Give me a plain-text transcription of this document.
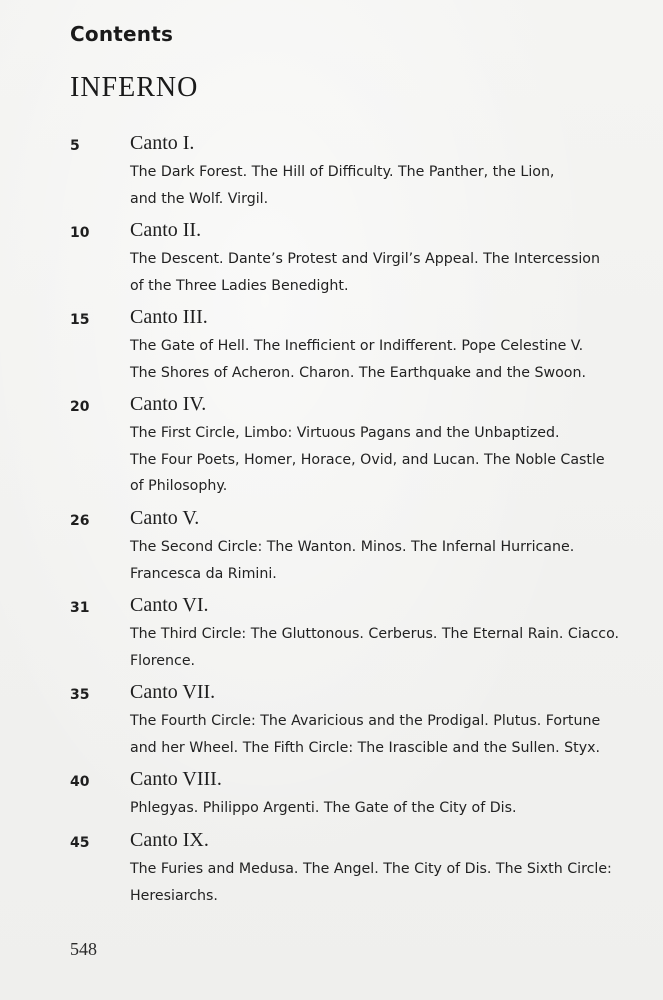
Contents
INFERNO
5	Canto I.
The Dark Forest. The Hill of Difficulty. The Panther, the Lion,
and the Wolf. Virgil.
10 Canto II.
The Descent. Dante’s Protest and Virgil’s Appeal. The Intercession
of the Three Ladies Benedight.
15 Canto III.
The Gate of Hell. The Inefficient or Indifferent. Pope Celestine V.
The Shores of Acheron. Charon. The Earthquake and the Swoon.
20 Canto IV.
The First Circle, Limbo: Virtuous Pagans and the Unbaptized.
The Four Poets, Homer, Horace, Ovid, and Lucan. The Noble Castle
of Philosophy.
26 Canto V.
The Second Circle: The Wanton. Minos. The Infernal Hurricane.
Francesca da Rimini.
31 Canto VI.
The Third Circle: The Gluttonous. Cerberus. The Eternal Rain. Ciacco.
Florence.
35 Canto VII.
The Fourth Circle: The Avaricious and the Prodigal. Plutus. Fortune
and her Wheel. The Fifth Circle: The Irascible and the Sullen. Styx.
40 Canto VIII.
Phlegyas. Philippo Argenti. The Gate of the City of Dis.
45 Canto IX.
The Furies and Medusa. The Angel. The City of Dis. The Sixth Circle:
Heresiarchs.
548
